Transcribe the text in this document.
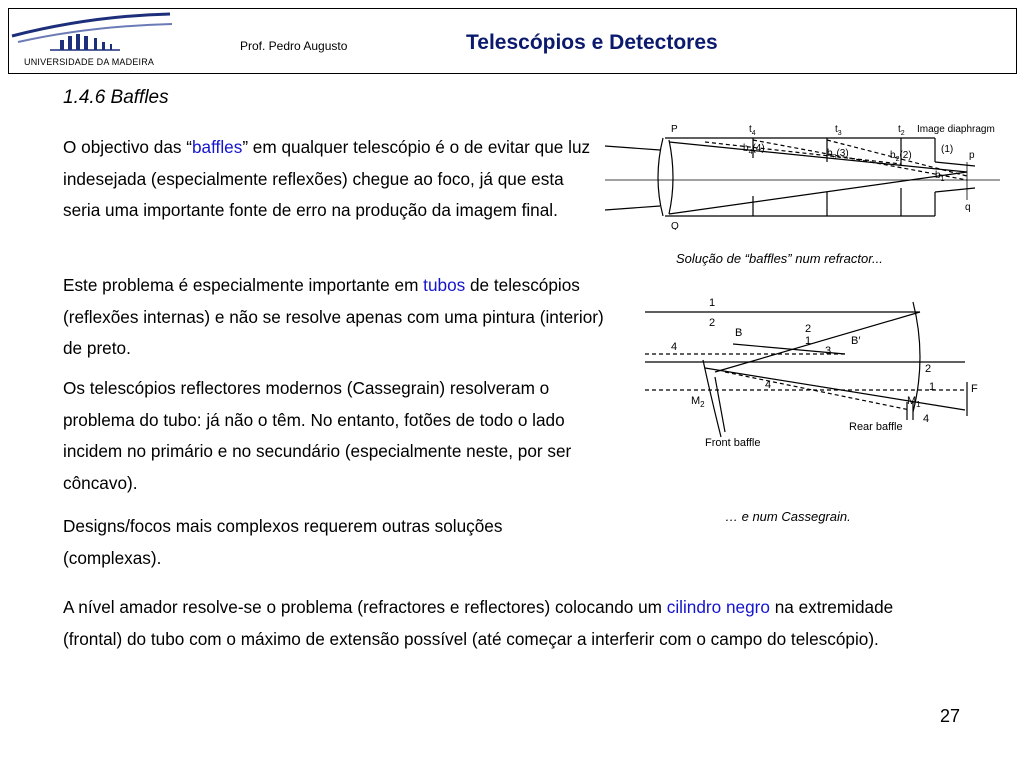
UNIVERSIDADE DA MADEIRA
Prof. Pedro Augusto	Telescópios e Detectores
1.4.6 Baffles
O objectivo das “baffles” em qualquer telescópio é o de evitar que luz indesejada (especialmente reflexões) chegue ao foco, já que esta seria uma importante fonte de erro na produção da imagem final.
Este problema é especialmente importante em tubos de telescópios (reflexões internas) e não se resolve apenas com uma pintura (interior) de preto.
Os telescópios reflectores modernos (Cassegrain) resolveram o problema do tubo: já não o têm. No entanto, fotões de todo o lado incidem no primário e no secundário (especialmente neste, por ser côncavo).
Designs/focos mais complexos requerem outras soluções (complexas).
A nível amador resolve-se o problema (refractores e reflectores) colocando um cilindro negro na extremidade (frontal) do tubo com o máximo de extensão possível (até começar a interferir com o campo do telescópio).
P
Q
$t_4$	$t_3$	$t_2$ Image diaphragm
$b_4(4)$	$b_3(3)$	$b_2(2)$
(1)
$b_1$
p
q
Solução de “baffles” num refractor...
1
2
B
B′
2
1
3
4
4
2
1	F
$M_2$	$M_1$
4
Rear baffle
Front baffle
… e num Cassegrain.
27
